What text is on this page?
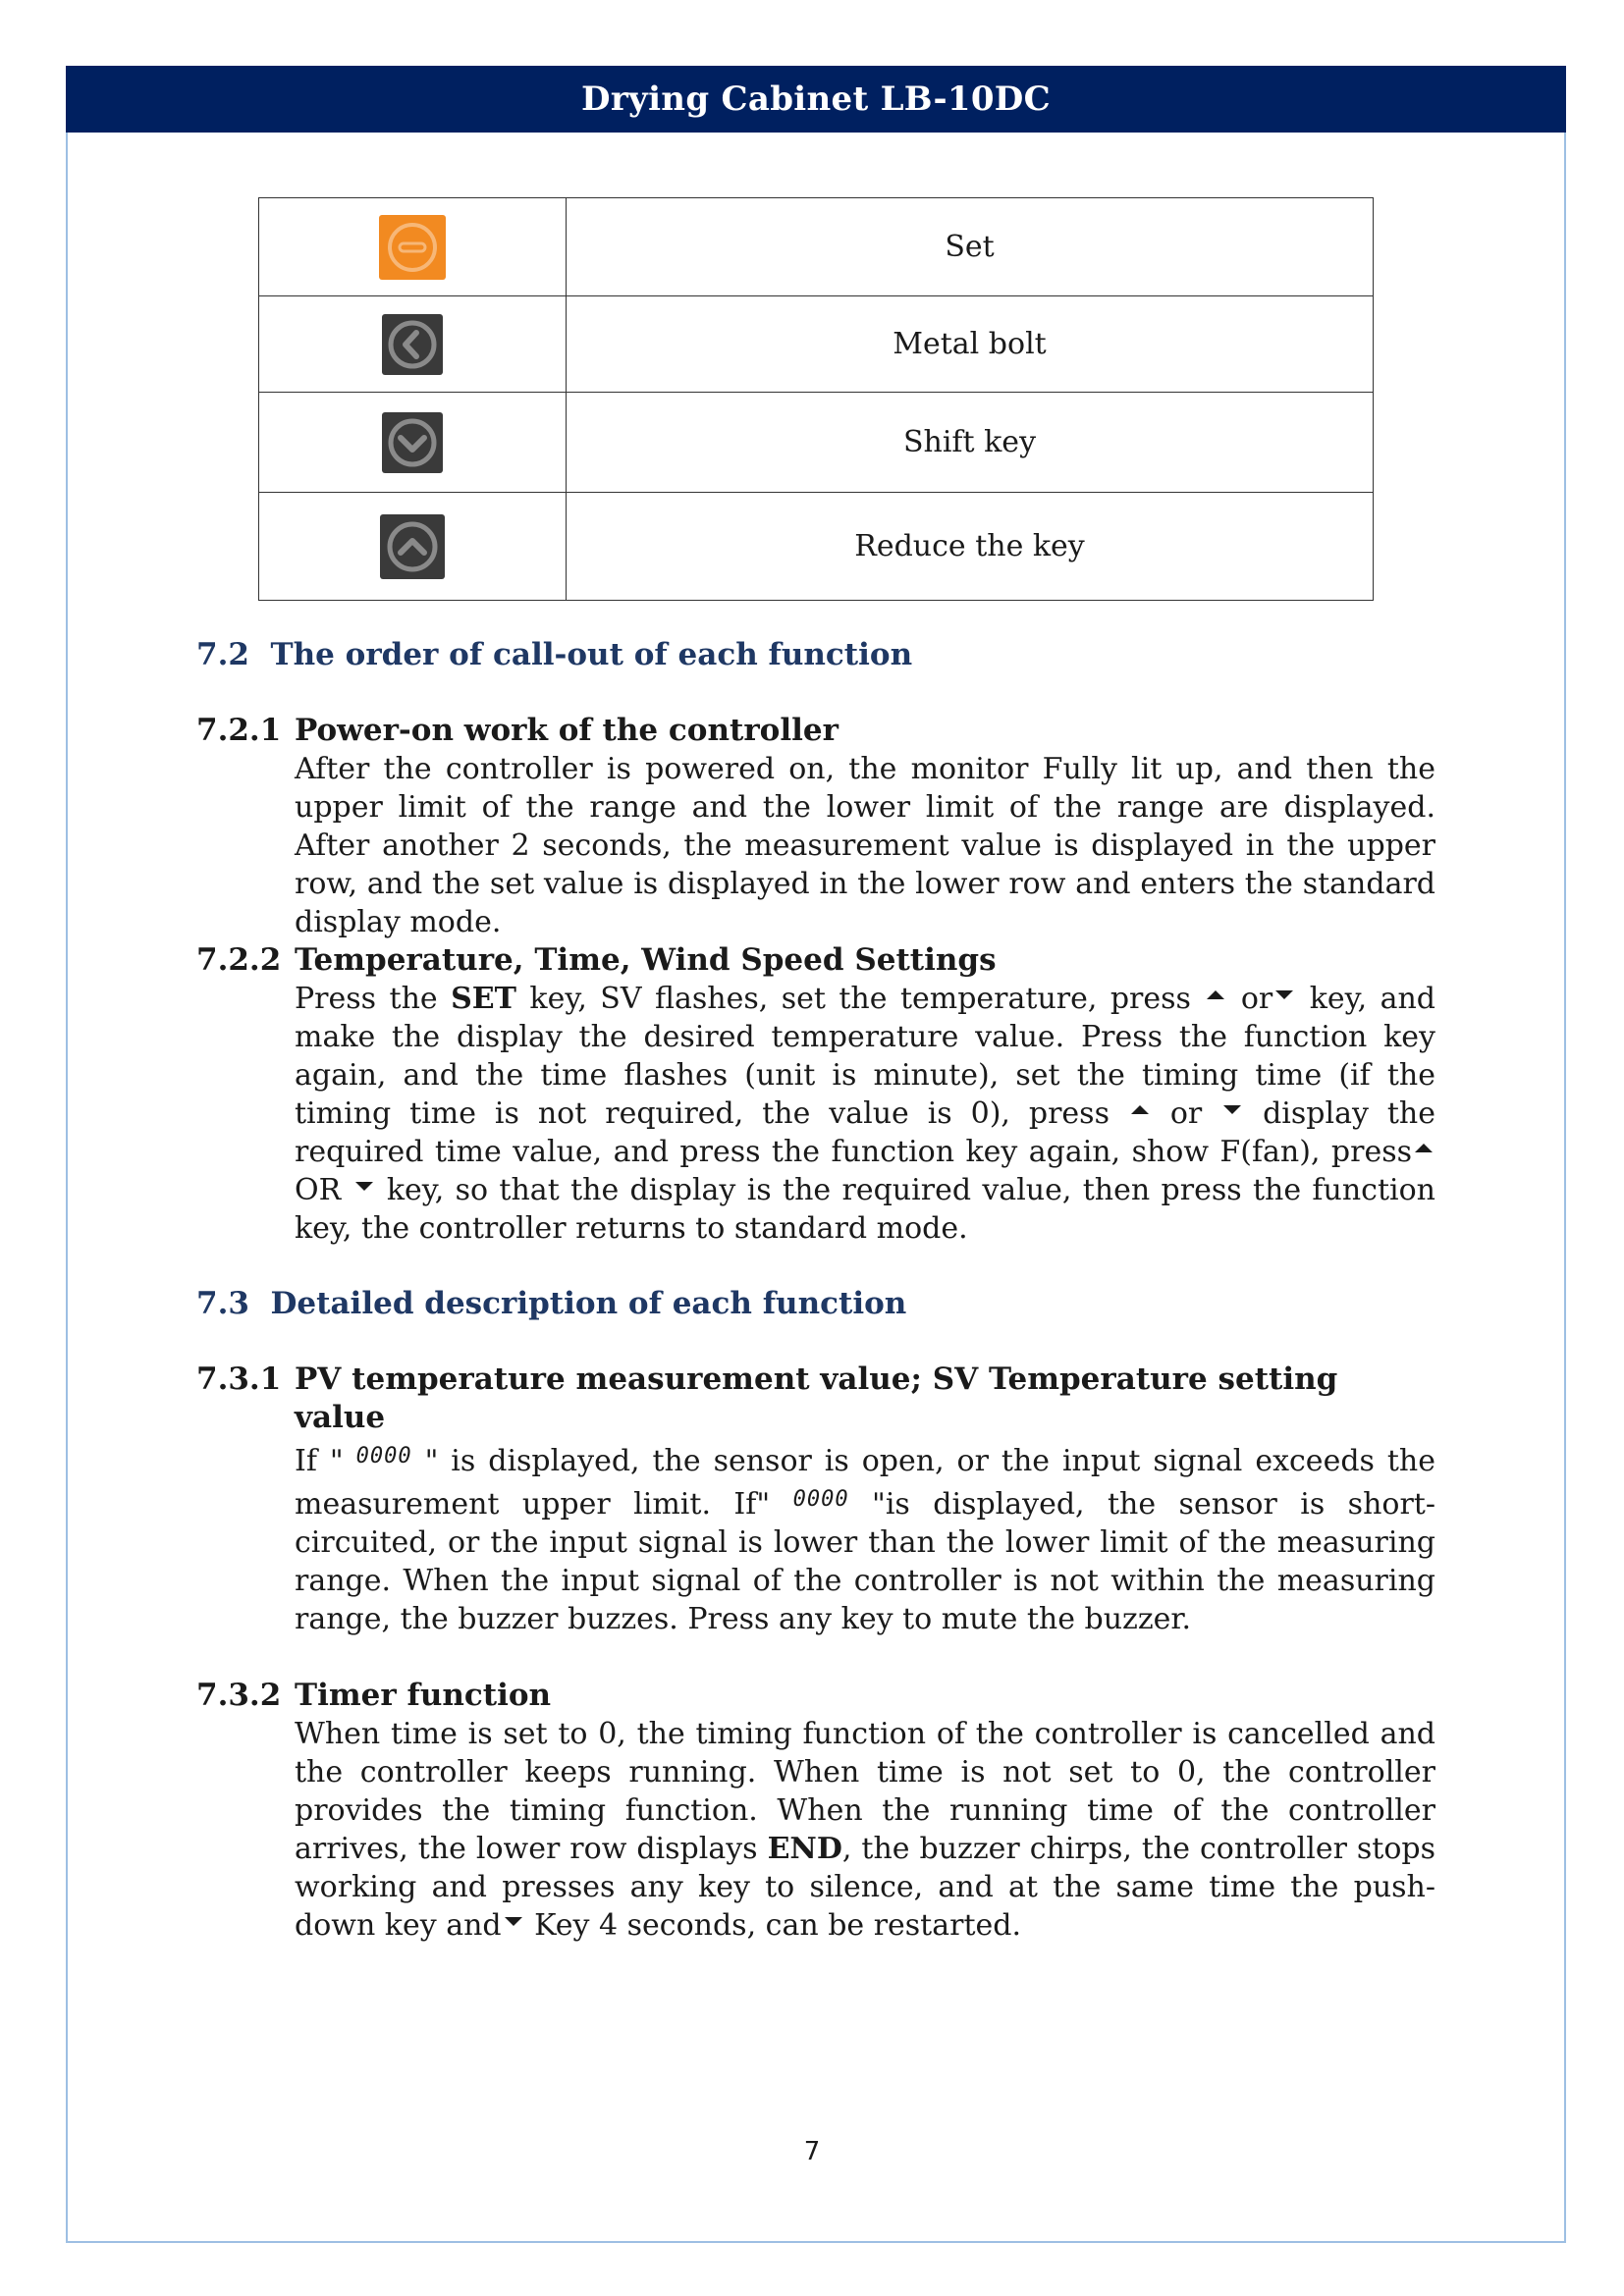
Drying Cabinet LB-10DC
	Set
	Metal bolt
	Shift key
	Reduce the key

7.2 The order of call-out of each function

7.2.1 Power-on work of the controller

After the controller is powered on, the monitor Fully lit up, and then the upper limit of the range and the lower limit of the range are displayed. After another 2 seconds, the measurement value is displayed in the upper row, and the set value is displayed in the lower row and enters the standard display mode.

7.2.2 Temperature, Time, Wind Speed Settings

Press the SET key, SV flashes, set the temperature, press  or key, and make the display the desired temperature value. Press the function key again, and the time flashes (unit is minute), set the timing time (if the timing time is not required, the value is 0), press  or  display the required time value, and press the function key again, show F(fan), press OR  key, so that the display is the required value, then press the function key, the controller returns to standard mode.

7.3 Detailed description of each function

7.3.1 PV temperature measurement value; SV Temperature setting value

If " 0000 " is displayed, the sensor is open, or the input signal exceeds the measurement upper limit. If" 0000 "is displayed, the sensor is short-circuited, or the input signal is lower than the lower limit of the measuring range. When the input signal of the controller is not within the measuring range, the buzzer buzzes. Press any key to mute the buzzer.

7.3.2 Timer function

When time is set to 0, the timing function of the controller is cancelled and the controller keeps running. When time is not set to 0, the controller provides the timing function. When the running time of the controller arrives, the lower row displays END, the buzzer chirps, the controller stops working and presses any key to silence, and at the same time the push-down key and Key 4 seconds, can be restarted.

7
